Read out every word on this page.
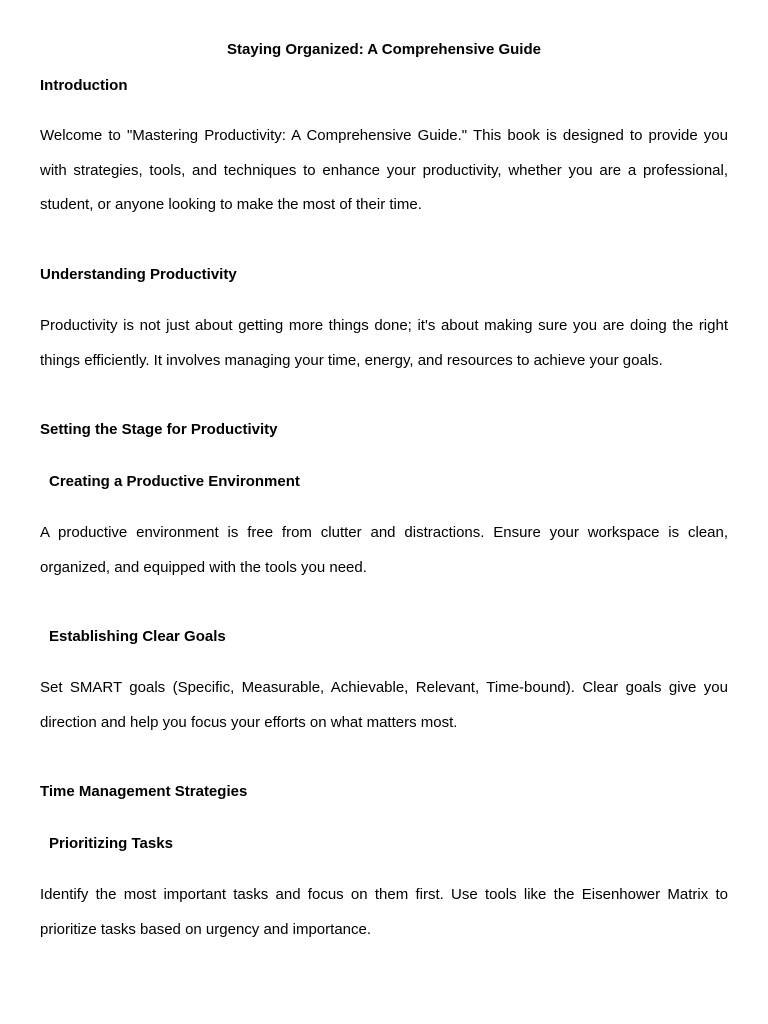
Staying Organized: A Comprehensive Guide
Introduction

Welcome to "Mastering Productivity: A Comprehensive Guide." This book is designed to provide you with strategies, tools, and techniques to enhance your productivity, whether you are a professional, student, or anyone looking to make the most of their time.

Understanding Productivity

Productivity is not just about getting more things done; it's about making sure you are doing the right things efficiently. It involves managing your time, energy, and resources to achieve your goals.

Setting the Stage for Productivity
Creating a Productive Environment

A productive environment is free from clutter and distractions. Ensure your workspace is clean, organized, and equipped with the tools you need.

Establishing Clear Goals

Set SMART goals (Specific, Measurable, Achievable, Relevant, Time-bound). Clear goals give you direction and help you focus your efforts on what matters most.

Time Management Strategies
Prioritizing Tasks

Identify the most important tasks and focus on them first. Use tools like the Eisenhower Matrix to prioritize tasks based on urgency and importance.
